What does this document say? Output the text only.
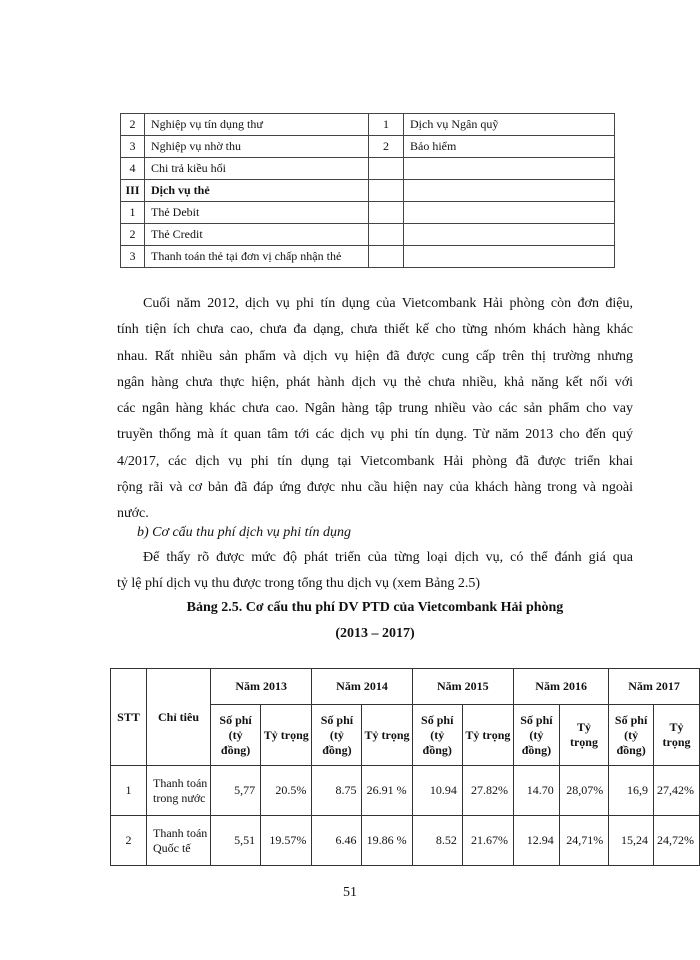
2	Nghiệp vụ tín dụng thư	1	Dịch vụ Ngân quỹ
3	Nghiệp vụ nhờ thu	2	Bảo hiểm
4	Chi trả kiều hối		
III	Dịch vụ thẻ		
1	Thẻ Debit		
2	Thẻ Credit		
3	Thanh toán thẻ tại đơn vị chấp nhận thẻ		
Cuối năm 2012, dịch vụ phi tín dụng của Vietcombank Hải phòng còn đơn điệu,
tính tiện ích chưa cao, chưa đa dạng, chưa thiết kế cho từng nhóm khách hàng khác
nhau. Rất nhiều sản phẩm và dịch vụ hiện đã được cung cấp trên thị trường nhưng
ngân hàng chưa thực hiện, phát hành dịch vụ thẻ chưa nhiều, khả năng kết nối với
các ngân hàng khác chưa cao. Ngân hàng tập trung nhiều vào các sản phẩm cho vay
truyền thống mà ít quan tâm tới các dịch vụ phi tín dụng. Từ năm 2013 cho đến quý
4/2017, các dịch vụ phi tín dụng tại Vietcombank Hải phòng đã được triển khai
rộng rãi và cơ bản đã đáp ứng được nhu cầu hiện nay của khách hàng trong và ngoài
nước.

b) Cơ cấu thu phí dịch vụ phi tín dụng

Để thấy rõ được mức độ phát triển của từng loại dịch vụ, có thể đánh giá qua
tỷ lệ phí dịch vụ thu được trong tổng thu dịch vụ (xem Bảng 2.5)

Bảng 2.5. Cơ cấu thu phí DV PTD của Vietcombank Hải phòng

(2013 – 2017)

STT	Chỉ tiêu	Năm 2013		Năm 2014		Năm 2015		Năm 2016		Năm 2017	
		Số phí (tỷ đồng)	Tỷ trọng	Số phí (tỷ đồng)	Tỷ trọng	Số phí (tỷ đồng)	Tỷ trọng	Số phí (tỷ đồng)	Tỷ trọng	Số phí (tỷ đồng)	Tỷ trọng
1	Thanh toán trong nước	5,77	20.5%	8.75	26.91 %	10.94	27.82%	14.70	28,07%	16,9	27,42%
2	Thanh toán Quốc tế	5,51	19.57%	6.46	19.86 %	8.52	21.67%	12.94	24,71%	15,24	24,72%

51
